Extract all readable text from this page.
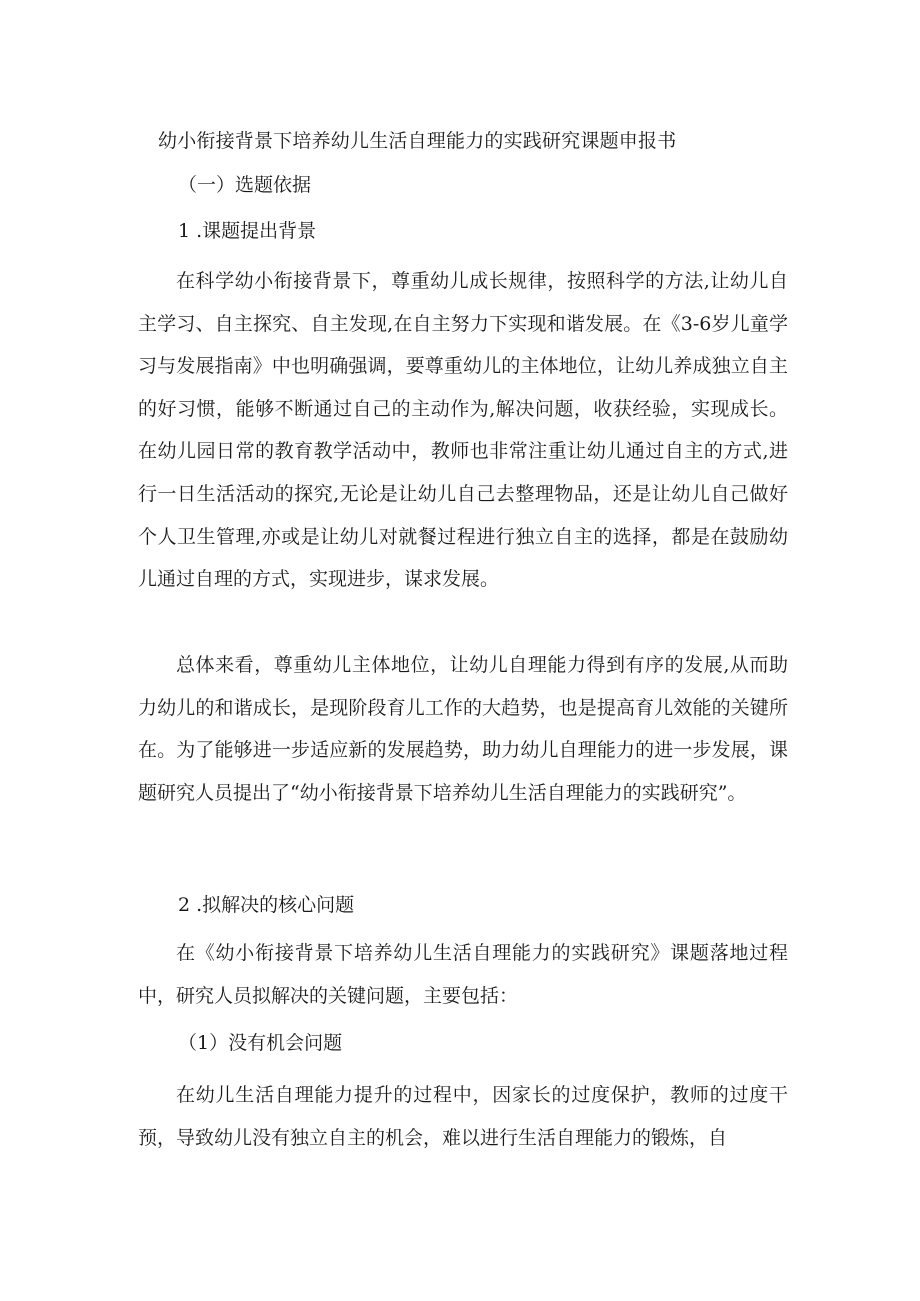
幼小衔接背景下培养幼儿生活自理能力的实践研究课题申报书
（一）选题依据
1 .课题提出背景

在科学幼小衔接背景下，尊重幼儿成长规律，按照科学的方法,让幼儿自主学习、自主探究、自主发现,在自主努力下实现和谐发展。在《3-6岁儿童学习与发展指南》中也明确强调，要尊重幼儿的主体地位，让幼儿养成独立自主的好习惯，能够不断通过自己的主动作为,解决问题，收获经验，实现成长。在幼儿园日常的教育教学活动中，教师也非常注重让幼儿通过自主的方式,进行一日生活活动的探究,无论是让幼儿自己去整理物品，还是让幼儿自己做好个人卫生管理,亦或是让幼儿对就餐过程进行独立自主的选择，都是在鼓励幼儿通过自理的方式，实现进步，谋求发展。

总体来看，尊重幼儿主体地位，让幼儿自理能力得到有序的发展,从而助力幼儿的和谐成长，是现阶段育儿工作的大趋势，也是提高育儿效能的关键所在。为了能够进一步适应新的发展趋势，助力幼儿自理能力的进一步发展，课题研究人员提出了“幼小衔接背景下培养幼儿生活自理能力的实践研究”。

2 .拟解决的核心问题

在《幼小衔接背景下培养幼儿生活自理能力的实践研究》课题落地过程中，研究人员拟解决的关键问题，主要包括：

（1）没有机会问题

在幼儿生活自理能力提升的过程中，因家长的过度保护，教师的过度干预，导致幼儿没有独立自主的机会，难以进行生活自理能力的锻炼，自
